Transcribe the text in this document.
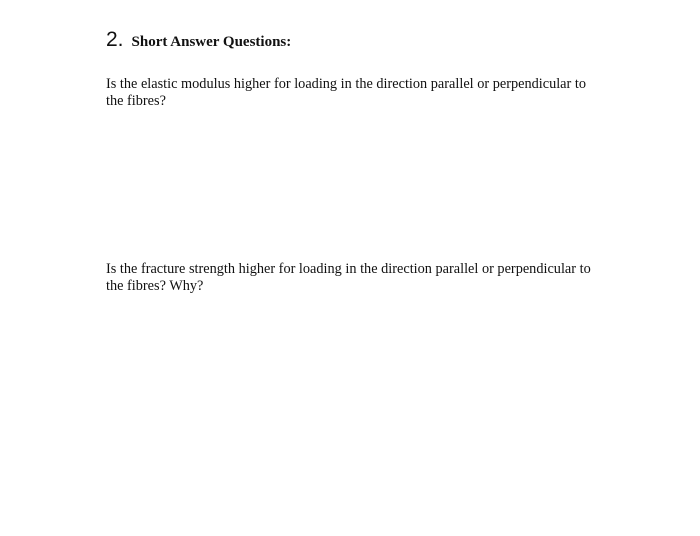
2. Short Answer Questions:

Is the elastic modulus higher for loading in the direction parallel or perpendicular to
the fibres?

Is the fracture strength higher for loading in the direction parallel or perpendicular to
the fibres? Why?
